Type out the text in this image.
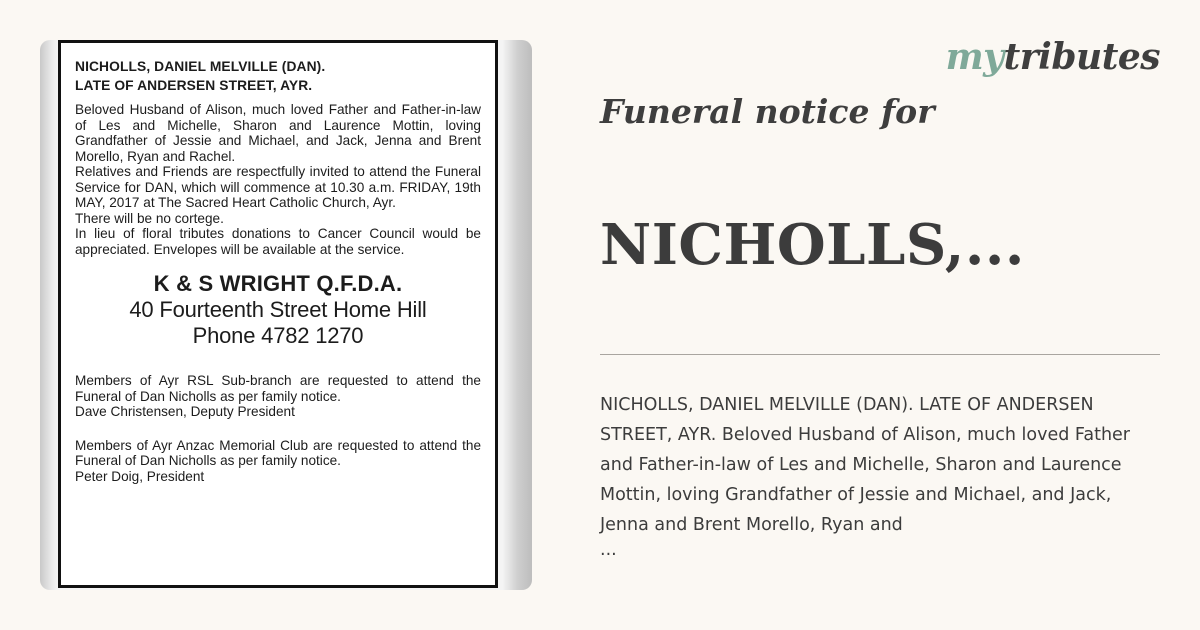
NICHOLLS, DANIEL MELVILLE (DAN).
LATE OF ANDERSEN STREET, AYR.

Beloved Husband of Alison, much loved Father and Father-in-law of Les and Michelle, Sharon and Laurence Mottin, loving Grandfather of Jessie and Michael, and Jack, Jenna and Brent Morello, Ryan and Rachel.

Relatives and Friends are respectfully invited to attend the Funeral Service for DAN, which will commence at 10.30 a.m. FRIDAY, 19th MAY, 2017 at The Sacred Heart Catholic Church, Ayr.

There will be no cortege.

In lieu of floral tributes donations to Cancer Council would be appreciated. Envelopes will be available at the service.

K & S WRIGHT Q.F.D.A.
40 Fourteenth Street Home Hill
Phone 4782 1270

Members of Ayr RSL Sub-branch are requested to attend the Funeral of Dan Nicholls as per family notice.

Dave Christensen, Deputy President

Members of Ayr Anzac Memorial Club are requested to attend the Funeral of Dan Nicholls as per family notice.

Peter Doig, President

mytributes
Funeral notice for
NICHOLLS,...

NICHOLLS, DANIEL MELVILLE (DAN). LATE OF ANDERSEN STREET, AYR. Beloved Husband of Alison, much loved Father and Father-in-law of Les and Michelle, Sharon and Laurence Mottin, loving Grandfather of Jessie and Michael, and Jack, Jenna and Brent Morello, Ryan and

...
